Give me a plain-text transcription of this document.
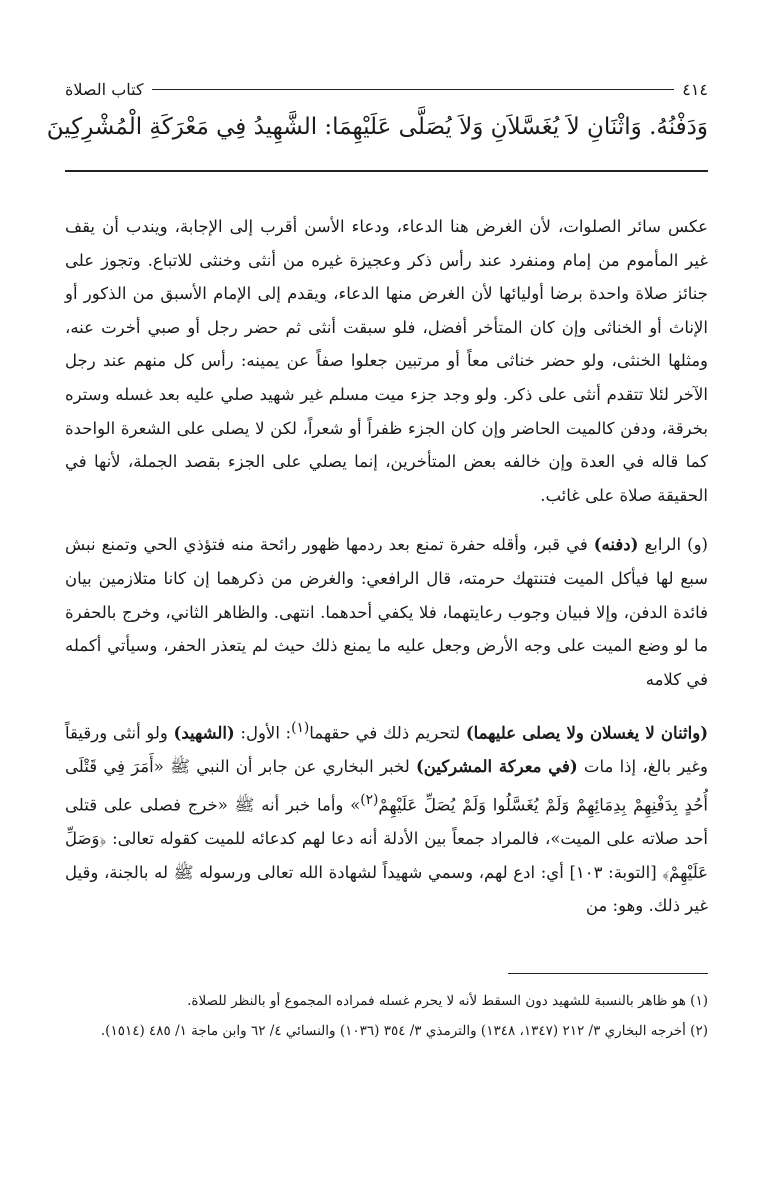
٤١٤
كتاب الصلاة
وَدَفْنُهُ. وَاثْنَانِ لاَ يُغَسَّلاَنِ وَلاَ يُصَلَّى عَلَيْهِمَا: الشَّهِيدُ فِي مَعْرَكَةِ الْمُشْرِكِينَ

عكس سائر الصلوات، لأن الغرض هنا الدعاء، ودعاء الأسن أقرب إلى الإجابة، ويندب أن يقف غير المأموم من إمام ومنفرد عند رأس ذكر وعجيزة غيره من أنثى وخنثى للاتباع. وتجوز على جنائز صلاة واحدة برضا أوليائها لأن الغرض منها الدعاء، ويقدم إلى الإمام الأسبق من الذكور أو الإناث أو الخناثى وإن كان المتأخر أفضل، فلو سبقت أنثى ثم حضر رجل أو صبي أخرت عنه، ومثلها الخنثى، ولو حضر خناثى معاً أو مرتبين جعلوا صفاً عن يمينه: رأس كل منهم عند رجل الآخر لئلا تتقدم أنثى على ذكر. ولو وجد جزء ميت مسلم غير شهيد صلي عليه بعد غسله وستره بخرقة، ودفن كالميت الحاضر وإن كان الجزء ظفراً أو شعراً، لكن لا يصلى على الشعرة الواحدة كما قاله في العدة وإن خالفه بعض المتأخرين، إنما يصلي على الجزء بقصد الجملة، لأنها في الحقيقة صلاة على غائب.

(و) الرابع (دفنه) في قبر، وأقله حفرة تمنع بعد ردمها ظهور رائحة منه فتؤذي الحي وتمنع نبش سبع لها فيأكل الميت فتنتهك حرمته، قال الرافعي: والغرض من ذكرهما إن كانا متلازمين بيان فائدة الدفن، وإلا فبيان وجوب رعايتهما، فلا يكفي أحدهما. انتهى. والظاهر الثاني، وخرج بالحفرة ما لو وضع الميت على وجه الأرض وجعل عليه ما يمنع ذلك حيث لم يتعذر الحفر، وسيأتي أكمله في كلامه

(واثنان لا يغسلان ولا يصلى عليهما) لتحريم ذلك في حقهما$^{(١)}$: الأول: (الشهيد) ولو أنثى ورقيقاً وغير بالغ، إذا مات (في معركة المشركين) لخبر البخاري عن جابر أن النبي ﷺ «أَمَرَ فِي قَتْلَى أُحُدٍ بِدَفْنِهِمْ بِدِمَائِهِمْ وَلَمْ يُغَسَّلُوا وَلَمْ يُصَلِّ عَلَيْهِمْ$^{(٢)}$» وأما خبر أنه ﷺ «خرج فصلى على قتلى أحد صلاته على الميت»، فالمراد جمعاً بين الأدلة أنه دعا لهم كدعائه للميت كقوله تعالى: ﴿وَصَلِّ عَلَيْهِمْ﴾ [التوبة: ١٠٣] أي: ادع لهم، وسمي شهيداً لشهادة الله تعالى ورسوله ﷺ له بالجنة، وقيل غير ذلك. وهو: من

(١) هو ظاهر بالنسبة للشهيد دون السقط لأنه لا يحرم غسله فمراده المجموع أو بالنظر للصلاة.

(٢) أخرجه البخاري ٣/ ٢١٢ (١٣٤٧، ١٣٤٨) والترمذي ٣/ ٣٥٤ (١٠٣٦) والنسائي ٤/ ٦٢ وابن ماجة ١/ ٤٨٥ (١٥١٤).
